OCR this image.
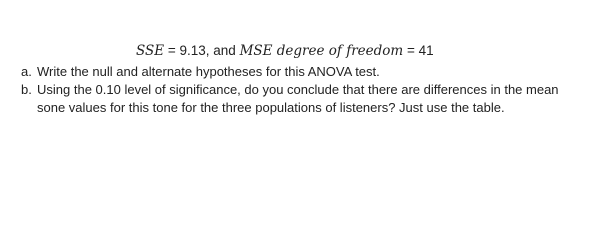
SSE = 9.13, and MSE degree of freedom = 41
a. Write the null and alternate hypotheses for this ANOVA test.
b. Using the 0.10 level of significance, do you conclude that there are differences in the mean
sone values for this tone for the three populations of listeners? Just use the table.
